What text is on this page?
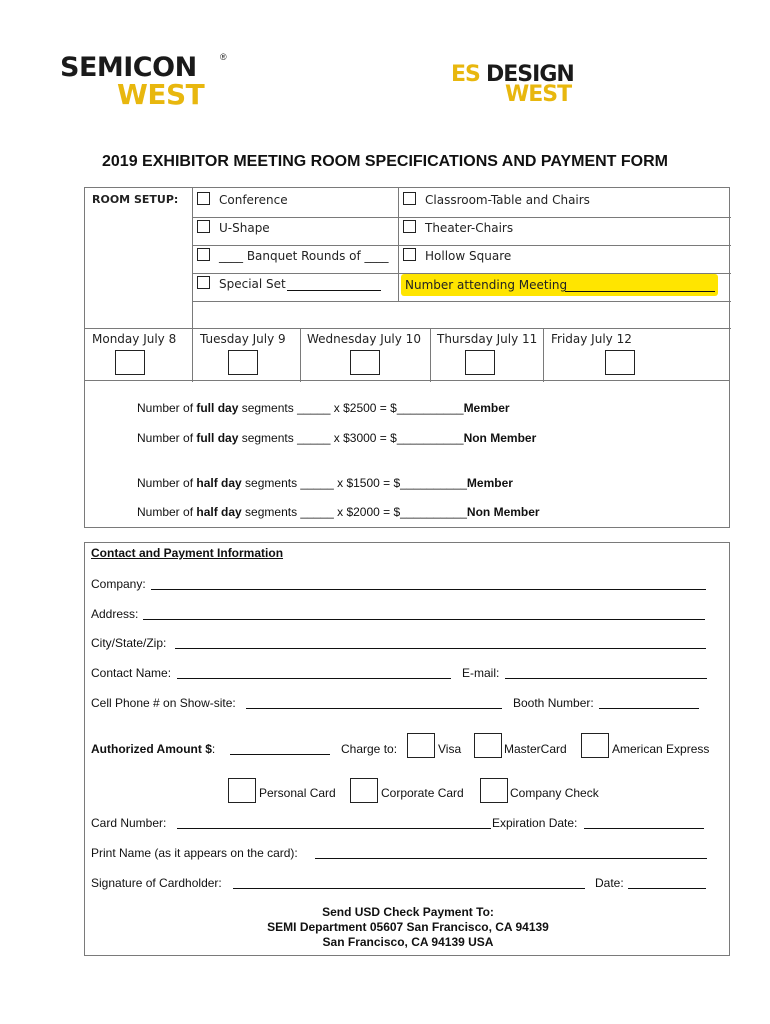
SEMICON	®
WEST
ES DESIGN
WEST
2019 EXHIBITOR MEETING ROOM SPECIFICATIONS AND PAYMENT FORM
ROOM SETUP:	Conference	Classroom-Table and Chairs
U-Shape	Theater-Chairs
____ Banquet Rounds of ____	Hollow Square
Special Set	Number attending Meeting
Monday July 8 Tuesday July 9 Wednesday July 10 Thursday July 11 Friday July 12
Number of full day segments _____ x $2500 = $__________Member
Number of full day segments _____ x $3000 = $__________Non Member
Number of half day segments _____ x $1500 = $__________Member
Number of half day segments _____ x $2000 = $__________Non Member
Contact and Payment Information
Company:
Address:
City/State/Zip:
Contact Name:	E-mail:
Cell Phone # on Show-site:	Booth Number:
Authorized Amount $:	Charge to:	Visa	MasterCard	American Express
Personal Card	Corporate Card	Company Check
Card Number:	Expiration Date:
Print Name (as it appears on the card):
Signature of Cardholder:	Date:
Send USD Check Payment To:
SEMI Department 05607 San Francisco, CA 94139
San Francisco, CA 94139 USA
